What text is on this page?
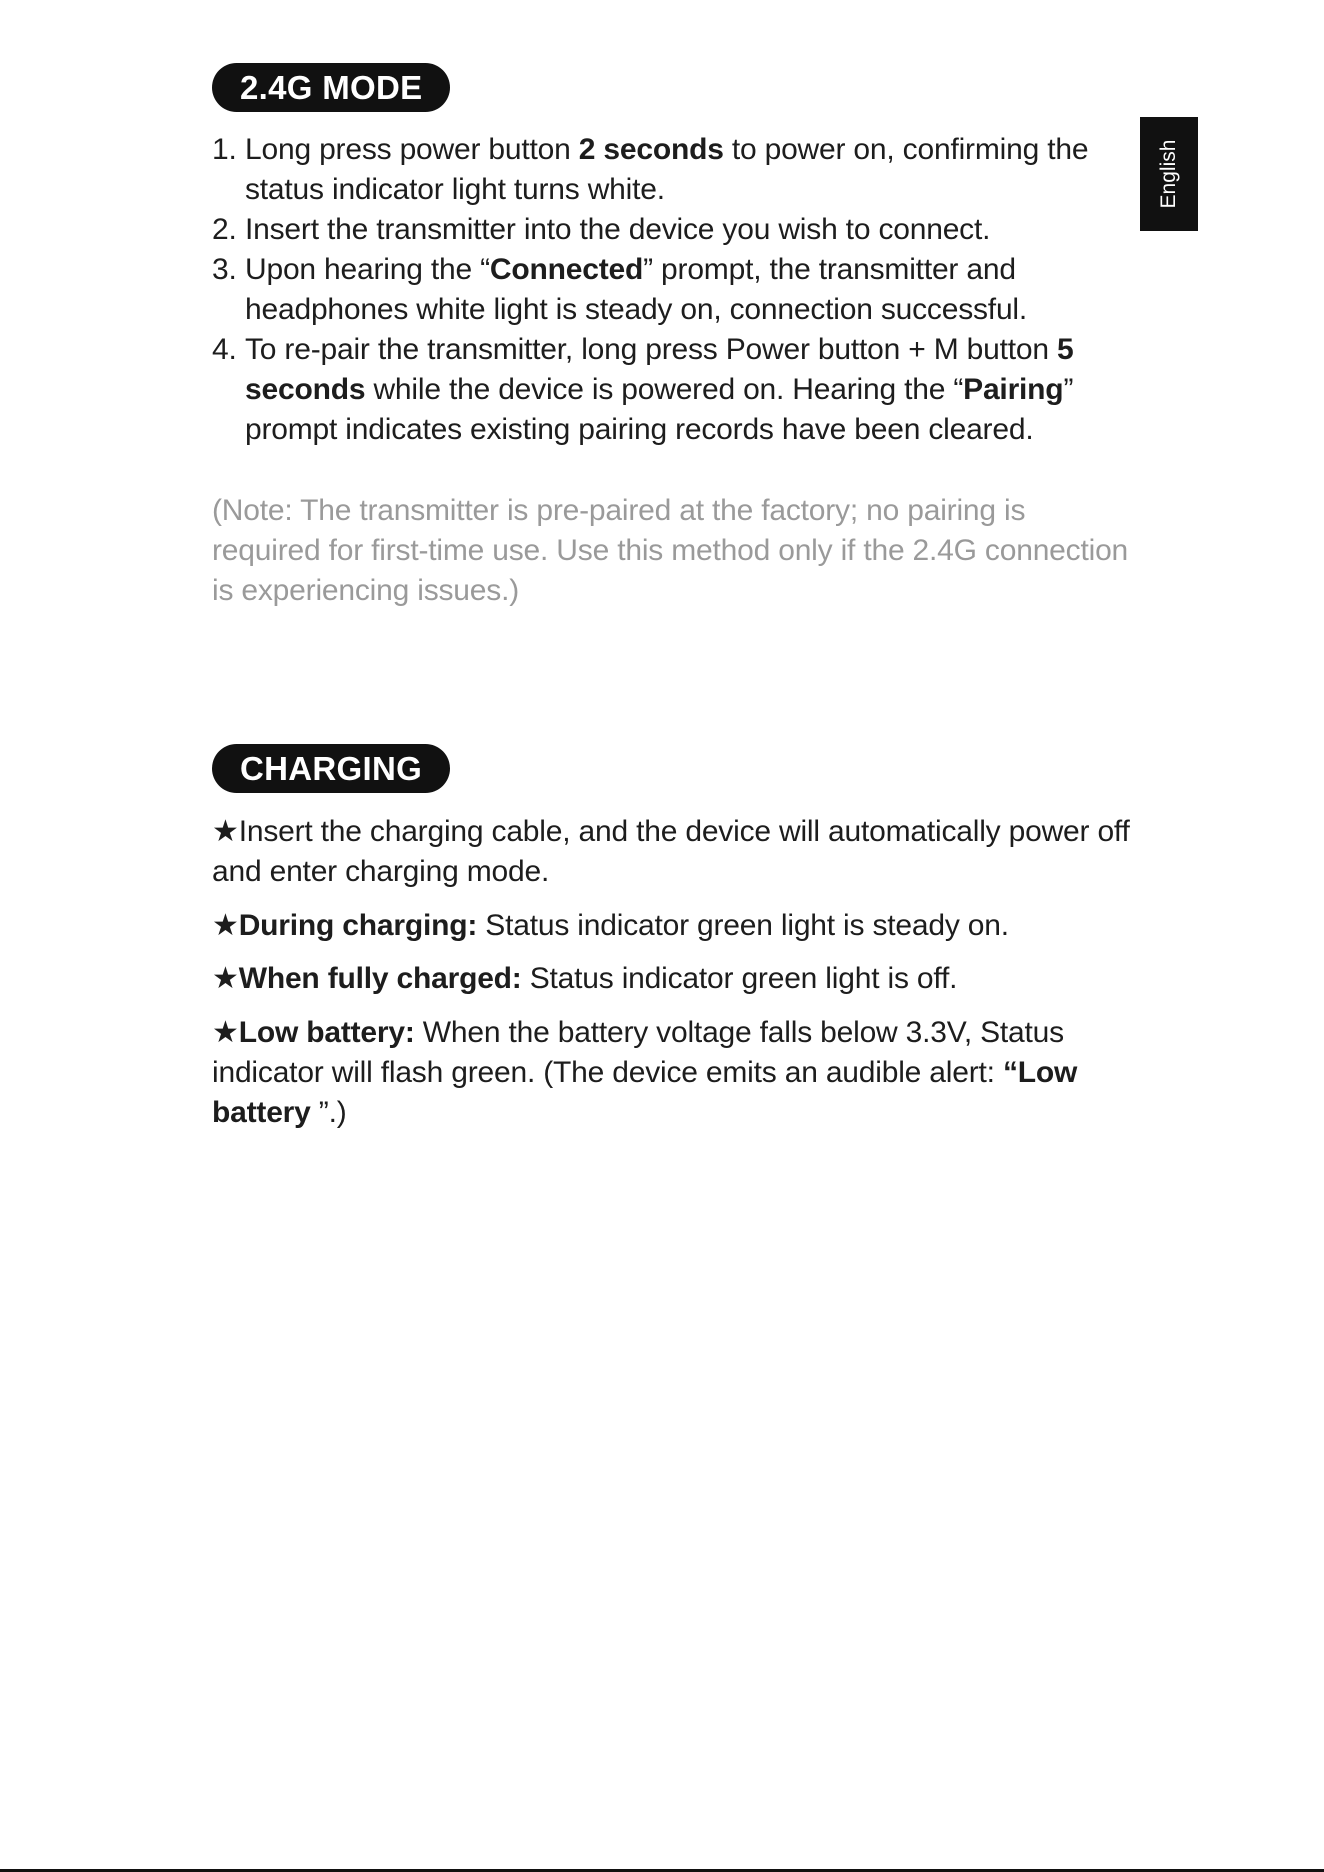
2.4G MODE
English
1. Long press power button 2 seconds to power on, confirming the status indicator light turns white.
2. Insert the transmitter into the device you wish to connect.
3. Upon hearing the “Connected” prompt, the transmitter and headphones white light is steady on, connection successful.
4. To re-pair the transmitter, long press Power button + M button 5 seconds while the device is powered on. Hearing the “Pairing” prompt indicates existing pairing records have been cleared.
(Note: The transmitter is pre-paired at the factory; no pairing is required for first-time use. Use this method only if the 2.4G connection is experiencing issues.)
CHARGING
★Insert the charging cable, and the device will automatically power off and enter charging mode.
★During charging: Status indicator green light is steady on.
★When fully charged: Status indicator green light is off.
★Low battery: When the battery voltage falls below 3.3V, Status indicator will flash green. (The device emits an audible alert: “Low battery ”.)
